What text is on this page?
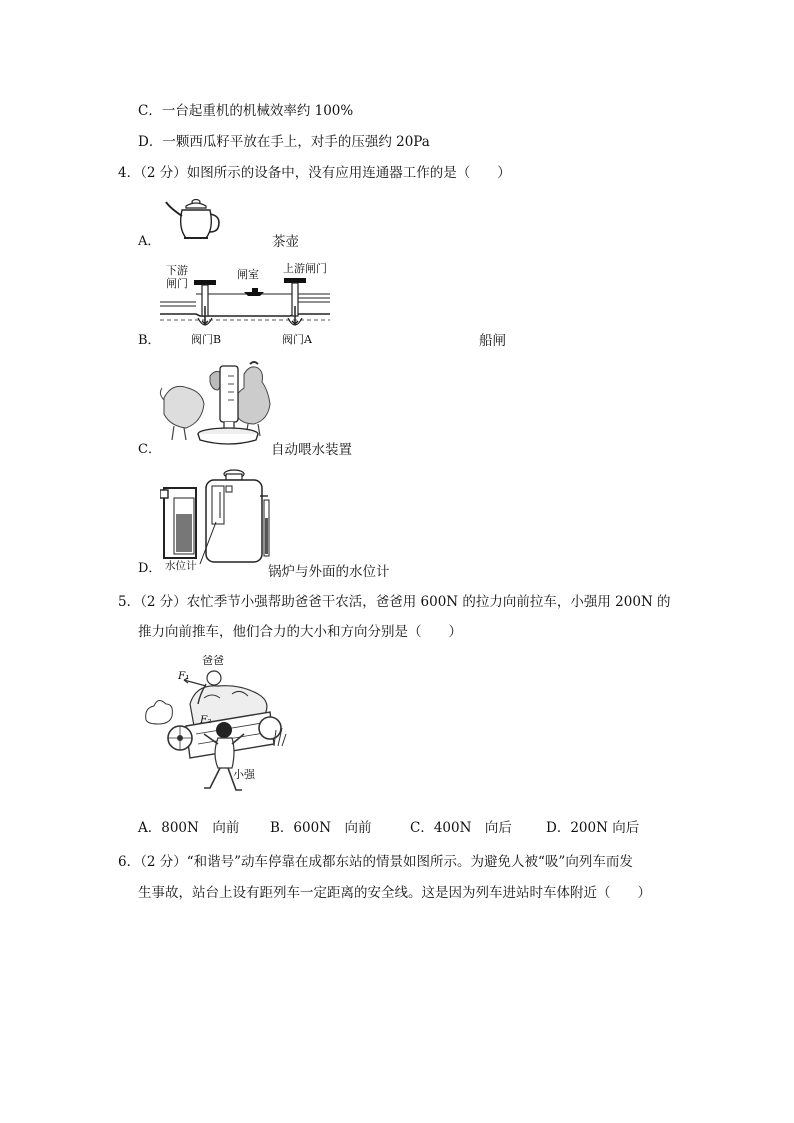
C．一台起重机的机械效率约 100%
D．一颗西瓜籽平放在手上，对手的压强约 20Pa
4．（2 分）如图所示的设备中，没有应用连通器工作的是（　　）
A．	茶壶
B．
下游
闸门
闸室 上游闸门
阀门B	阀门A	船闸
C．	自动喂水装置
D． 水位计	锅炉与外面的水位计
5．（2 分）农忙季节小强帮助爸爸干农活，爸爸用 600N 的拉力向前拉车，小强用 200N 的
推力向前推车，他们合力的大小和方向分别是（　　）
爸爸
F₁
F₂
小强
A．800N　向前 B．600N　向前	C．400N　向后	D．200N 向后
6．（2 分）“和谐号”动车停靠在成都东站的情景如图所示。为避免人被“吸”向列车而发
生事故，站台上设有距列车一定距离的安全线。这是因为列车进站时车体附近（　　）
